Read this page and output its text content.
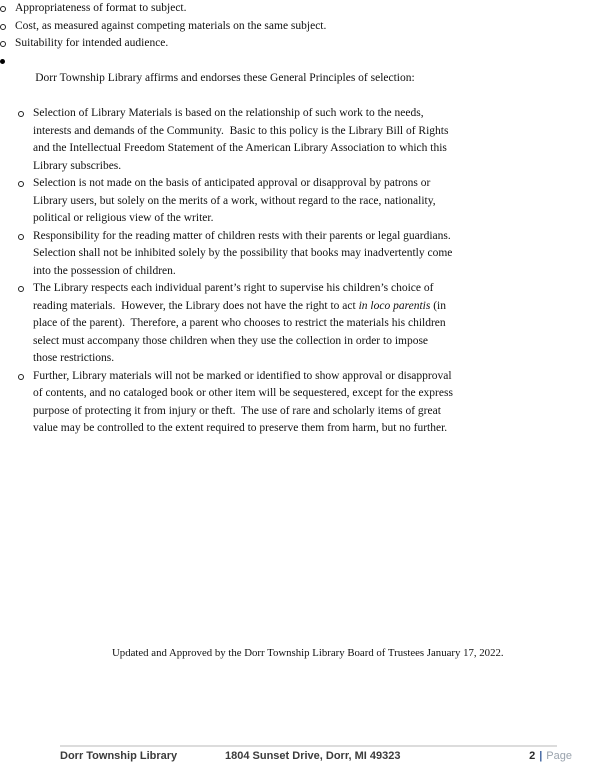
Appropriateness of format to subject.
Cost, as measured against competing materials on the same subject.
Suitability for intended audience.

Dorr Township Library affirms and endorses these General Principles of selection:

Selection of Library Materials is based on the relationship of such work to the needs, interests and demands of the Community.  Basic to this policy is the Library Bill of Rights and the Intellectual Freedom Statement of the American Library Association to which this Library subscribes.
Selection is not made on the basis of anticipated approval or disapproval by patrons or Library users, but solely on the merits of a work, without regard to the race, nationality, political or religious view of the writer.
Responsibility for the reading matter of children rests with their parents or legal guardians.  Selection shall not be inhibited solely by the possibility that books may inadvertently come into the possession of children.
The Library respects each individual parent’s right to supervise his children’s choice of reading materials.  However, the Library does not have the right to act in loco parentis (in place of the parent).  Therefore, a parent who chooses to restrict the materials his children select must accompany those children when they use the collection in order to impose those restrictions.
Further, Library materials will not be marked or identified to show approval or disapproval of contents, and no cataloged book or other item will be sequestered, except for the express purpose of protecting it from injury or theft.  The use of rare and scholarly items of great value may be controlled to the extent required to preserve them from harm, but no further.

Updated and Approved by the Dorr Township Library Board of Trustees January 17, 2022.

Dorr Township Library	1804 Sunset Drive, Dorr, MI 49323	2 | Page
